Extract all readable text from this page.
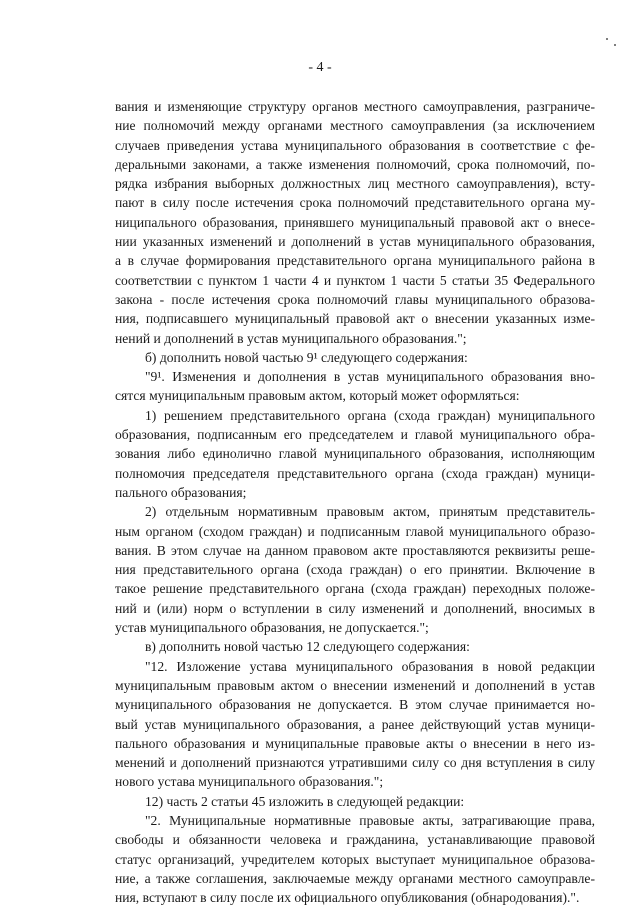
- 4 -
вания и изменяющие структуру органов местного самоуправления, разграниче-
ние полномочий между органами местного самоуправления (за исключением
случаев приведения устава муниципального образования в соответствие с фе-
деральными законами, а также изменения полномочий, срока полномочий, по-
рядка избрания выборных должностных лиц местного самоуправления), всту-
пают в силу после истечения срока полномочий представительного органа му-
ниципального образования, принявшего муниципальный правовой акт о внесе-
нии указанных изменений и дополнений в устав муниципального образования,
а в случае формирования представительного органа муниципального района в
соответствии с пунктом 1 части 4 и пунктом 1 части 5 статьи 35 Федерального
закона - после истечения срока полномочий главы муниципального образова-
ния, подписавшего муниципальный правовой акт о внесении указанных изме-
нений и дополнений в устав муниципального образования.";
б) дополнить новой частью 9¹ следующего содержания:
"9¹. Изменения и дополнения в устав муниципального образования вно-
сятся муниципальным правовым актом, который может оформляться:
1) решением представительного органа (схода граждан) муниципального
образования, подписанным его председателем и главой муниципального обра-
зования либо единолично главой муниципального образования, исполняющим
полномочия председателя представительного органа (схода граждан) муници-
пального образования;
2) отдельным нормативным правовым актом, принятым представитель-
ным органом (сходом граждан) и подписанным главой муниципального образо-
вания. В этом случае на данном правовом акте проставляются реквизиты реше-
ния представительного органа (схода граждан) о его принятии. Включение в
такое решение представительного органа (схода граждан) переходных положе-
ний и (или) норм о вступлении в силу изменений и дополнений, вносимых в
устав муниципального образования, не допускается.";
в) дополнить новой частью 12 следующего содержания:
"12. Изложение устава муниципального образования в новой редакции
муниципальным правовым актом о внесении изменений и дополнений в устав
муниципального образования не допускается. В этом случае принимается но-
вый устав муниципального образования, а ранее действующий устав муници-
пального образования и муниципальные правовые акты о внесении в него из-
менений и дополнений признаются утратившими силу со дня вступления в силу
нового устава муниципального образования.";
12) часть 2 статьи 45 изложить в следующей редакции:
"2. Муниципальные нормативные правовые акты, затрагивающие права,
свободы и обязанности человека и гражданина, устанавливающие правовой
статус организаций, учредителем которых выступает муниципальное образова-
ние, а также соглашения, заключаемые между органами местного самоуправле-
ния, вступают в силу после их официального опубликования (обнародования).".
